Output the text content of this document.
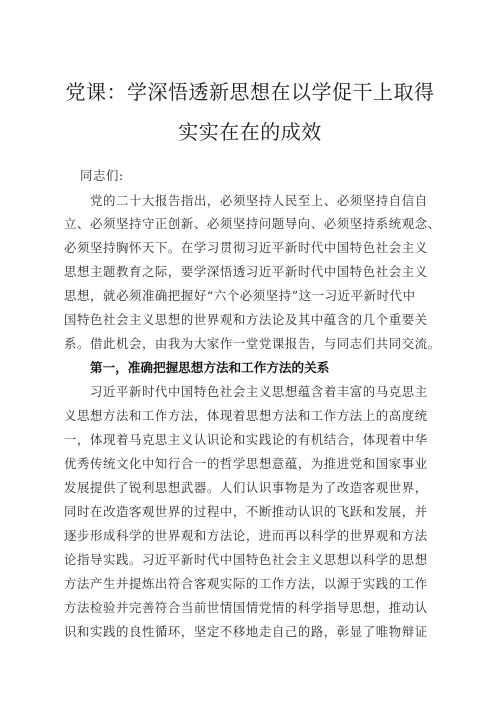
党课：学深悟透新思想在以学促干上取得
实实在在的成效
同志们:
党的二十大报告指出，必须坚持人民至上、必须坚持自信自
立、必须坚持守正创新、必须坚持问题导向、必须坚持系统观念、
必须坚持胸怀天下。在学习贯彻习近平新时代中国特色社会主义
思想主题教育之际，要学深悟透习近平新时代中国特色社会主义
思想，就必须准确把握好“六个必须坚持”这一习近平新时代中
国特色社会主义思想的世界观和方法论及其中蕴含的几个重要关
系。借此机会，由我为大家作一堂党课报告，与同志们共同交流。
第一，准确把握思想方法和工作方法的关系
习近平新时代中国特色社会主义思想蕴含着丰富的马克思主
义思想方法和工作方法，体现着思想方法和工作方法上的高度统
一，体现着马克思主义认识论和实践论的有机结合，体现着中华
优秀传统文化中知行合一的哲学思想意蕴，为推进党和国家事业
发展提供了锐利思想武器。人们认识事物是为了改造客观世界，
同时在改造客观世界的过程中，不断推动认识的飞跃和发展，并
逐步形成科学的世界观和方法论，进而再以科学的世界观和方法
论指导实践。习近平新时代中国特色社会主义思想以科学的思想
方法产生并提炼出符合客观实际的工作方法，以源于实践的工作
方法检验并完善符合当前世情国情党情的科学指导思想，推动认
识和实践的良性循环，坚定不移地走自己的路，彰显了唯物辩证
